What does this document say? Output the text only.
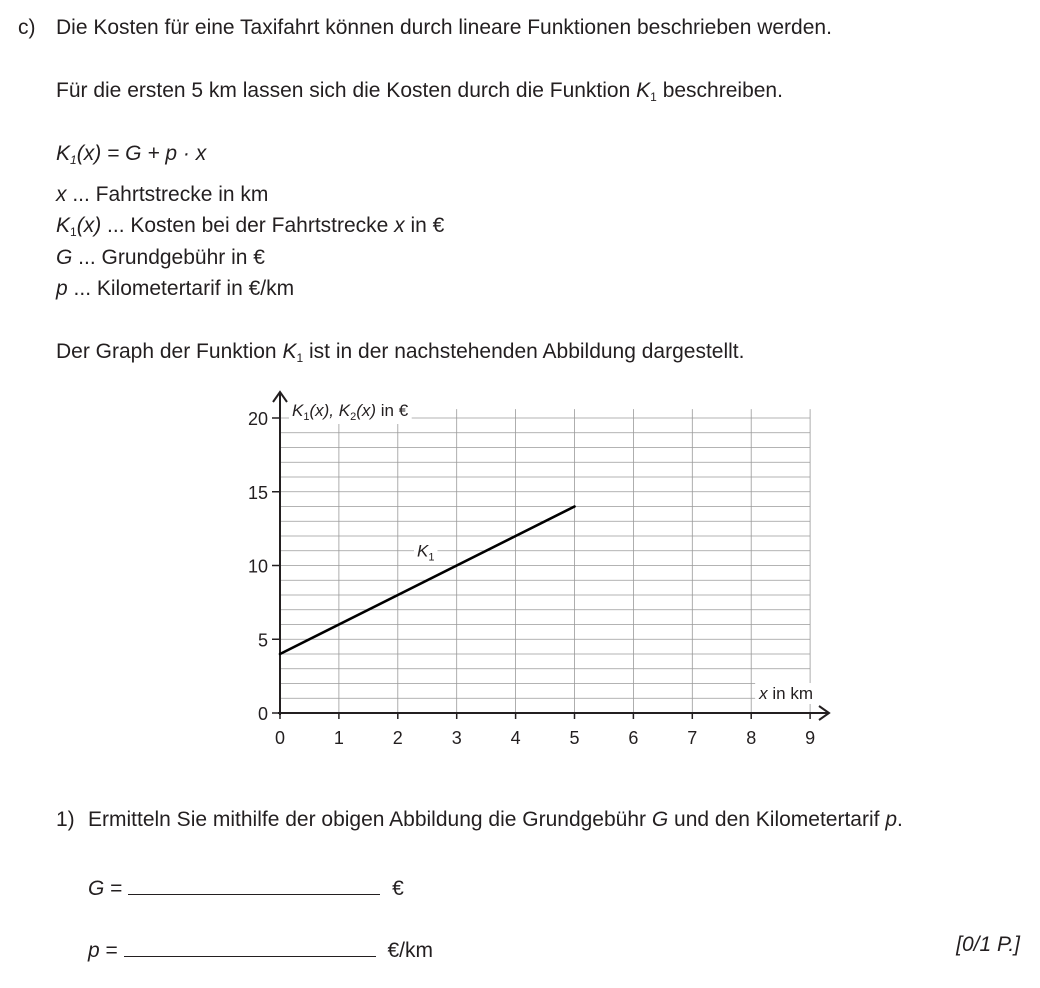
c) Die Kosten für eine Taxifahrt können durch lineare Funktionen beschrieben werden.
Für die ersten 5 km lassen sich die Kosten durch die Funktion $K_1$ beschreiben.
$K_1(x) = G + p \cdot x$
x ... Fahrtstrecke in km
$K_1(x)$ ... Kosten bei der Fahrtstrecke x in €
G ... Grundgebühr in €
p ... Kilometertarif in €/km
Der Graph der Funktion $K_1$ ist in der nachstehenden Abbildung dargestellt.
0	1	2	3	4	5	6	7	8	9
0
5
10
15
20 $K_1(x)$, $K_2(x)$ in €
x in km
$K_1$
1) Ermitteln Sie mithilfe der obigen Abbildung die Grundgebühr G und den Kilometertarif p.
G =	€
p =	€/km	[0/1 P.]
